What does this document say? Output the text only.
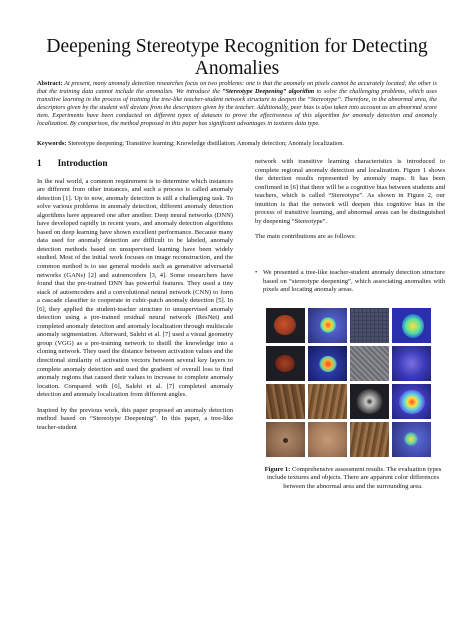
Deepening Stereotype Recognition for Detecting Anomalies

Abstract: At present, many anomaly detection researches focus on two problems: one is that the anomaly on pixels cannot be accurately located; the other is that the training data cannot include the anomalies. We introduce the “Stereotype Deepening” algorithm to solve the challenging problems, which uses transitive learning in the process of training the tree-like teacher-student network structure to deepen the “Stereotype”. Therefore, in the abnormal area, the descriptors given by the student will deviate from the descriptors given by the teacher. Additionally, peer bias is also taken into account as an abnormal score item. Experiments have been conducted on different types of datasets to prove the effectiveness of this algorithm for anomaly detection and anomaly localization. By comparison, the method proposed in this paper has significant advantages in textures data type.

Keywords: Stereotype deepening; Transitive learning; Knowledge distillation; Anomaly detection; Anomaly localization.

1 Introduction

In the real world, a common requirement is to determine which instances are different from other instances, and such a process is called anomaly detection [1]. Up to now, anomaly detection is still a challenging task. To solve various problems in anomaly detection, different anomaly detection algorithms have appeared one after another. Deep neural networks (DNN) have developed rapidly in recent years, and anomaly detection algorithms based on deep learning have shown excellent performance. Because many data used for anomaly detection are difficult to be labeled, anomaly detection methods based on unsupervised learning have been widely studied. Most of the initial work focuses on image reconstruction, and the common method is to use general models such as generative adversarial networks (GANs) [2] and autoencoders [3, 4]. Some researchers have found that the pre-trained DNN has powerful features. They used a tiny stack of autoencoders and a convolutional neural network (CNN) to form a cascade classifier to cooperate in cubic-patch anomaly detection [5]. In [6], they applied the student-teacher structure to unsupervised anomaly detection using a pre-trained residual neural network (ResNet) and completed anomaly detection and anomaly localization through multiscale anomaly segmentation. Afterward, Salehi et al. [7] used a visual geometry group (VGG) as a pre-training network to distill the knowledge into a cloning network. They used the distance between activation values and the directional similarity of activation vectors between several key layers to complete anomaly detection and used the gradient of overall loss to find anomaly regions that caused their values to increase to complete anomaly location. Compared with [6], Salehi et al. [7] completed anomaly detection and anomaly localization from different angles.

Inspired by the previous work, this paper proposed an anomaly detection method based on “Stereotype Deepening”. In this paper, a tree-like teacher-student

network with transitive learning characteristics is introduced to complete regional anomaly detection and localization. Figure 1 shows the detection results represented by anomaly maps. It has been confirmed in [6] that there will be a cognitive bias between students and teachers, which is called “Stereotype”. As shown in Figure 2, our intuition is that the network will deepen this cognitive bias in the process of transitive learning, and abnormal areas can be distinguished by deepening “Stereotype”.

The main contributions are as follows:

• We presented a tree-like teacher-student anomaly detection structure based on “stereotype deepening”, which associating anomalies with pixels and locating anomaly areas.

Figure 1: Comprehensive assessment results. The evaluation types include textures and objects. There are apparent color differences between the abnormal area and the surrounding area.
